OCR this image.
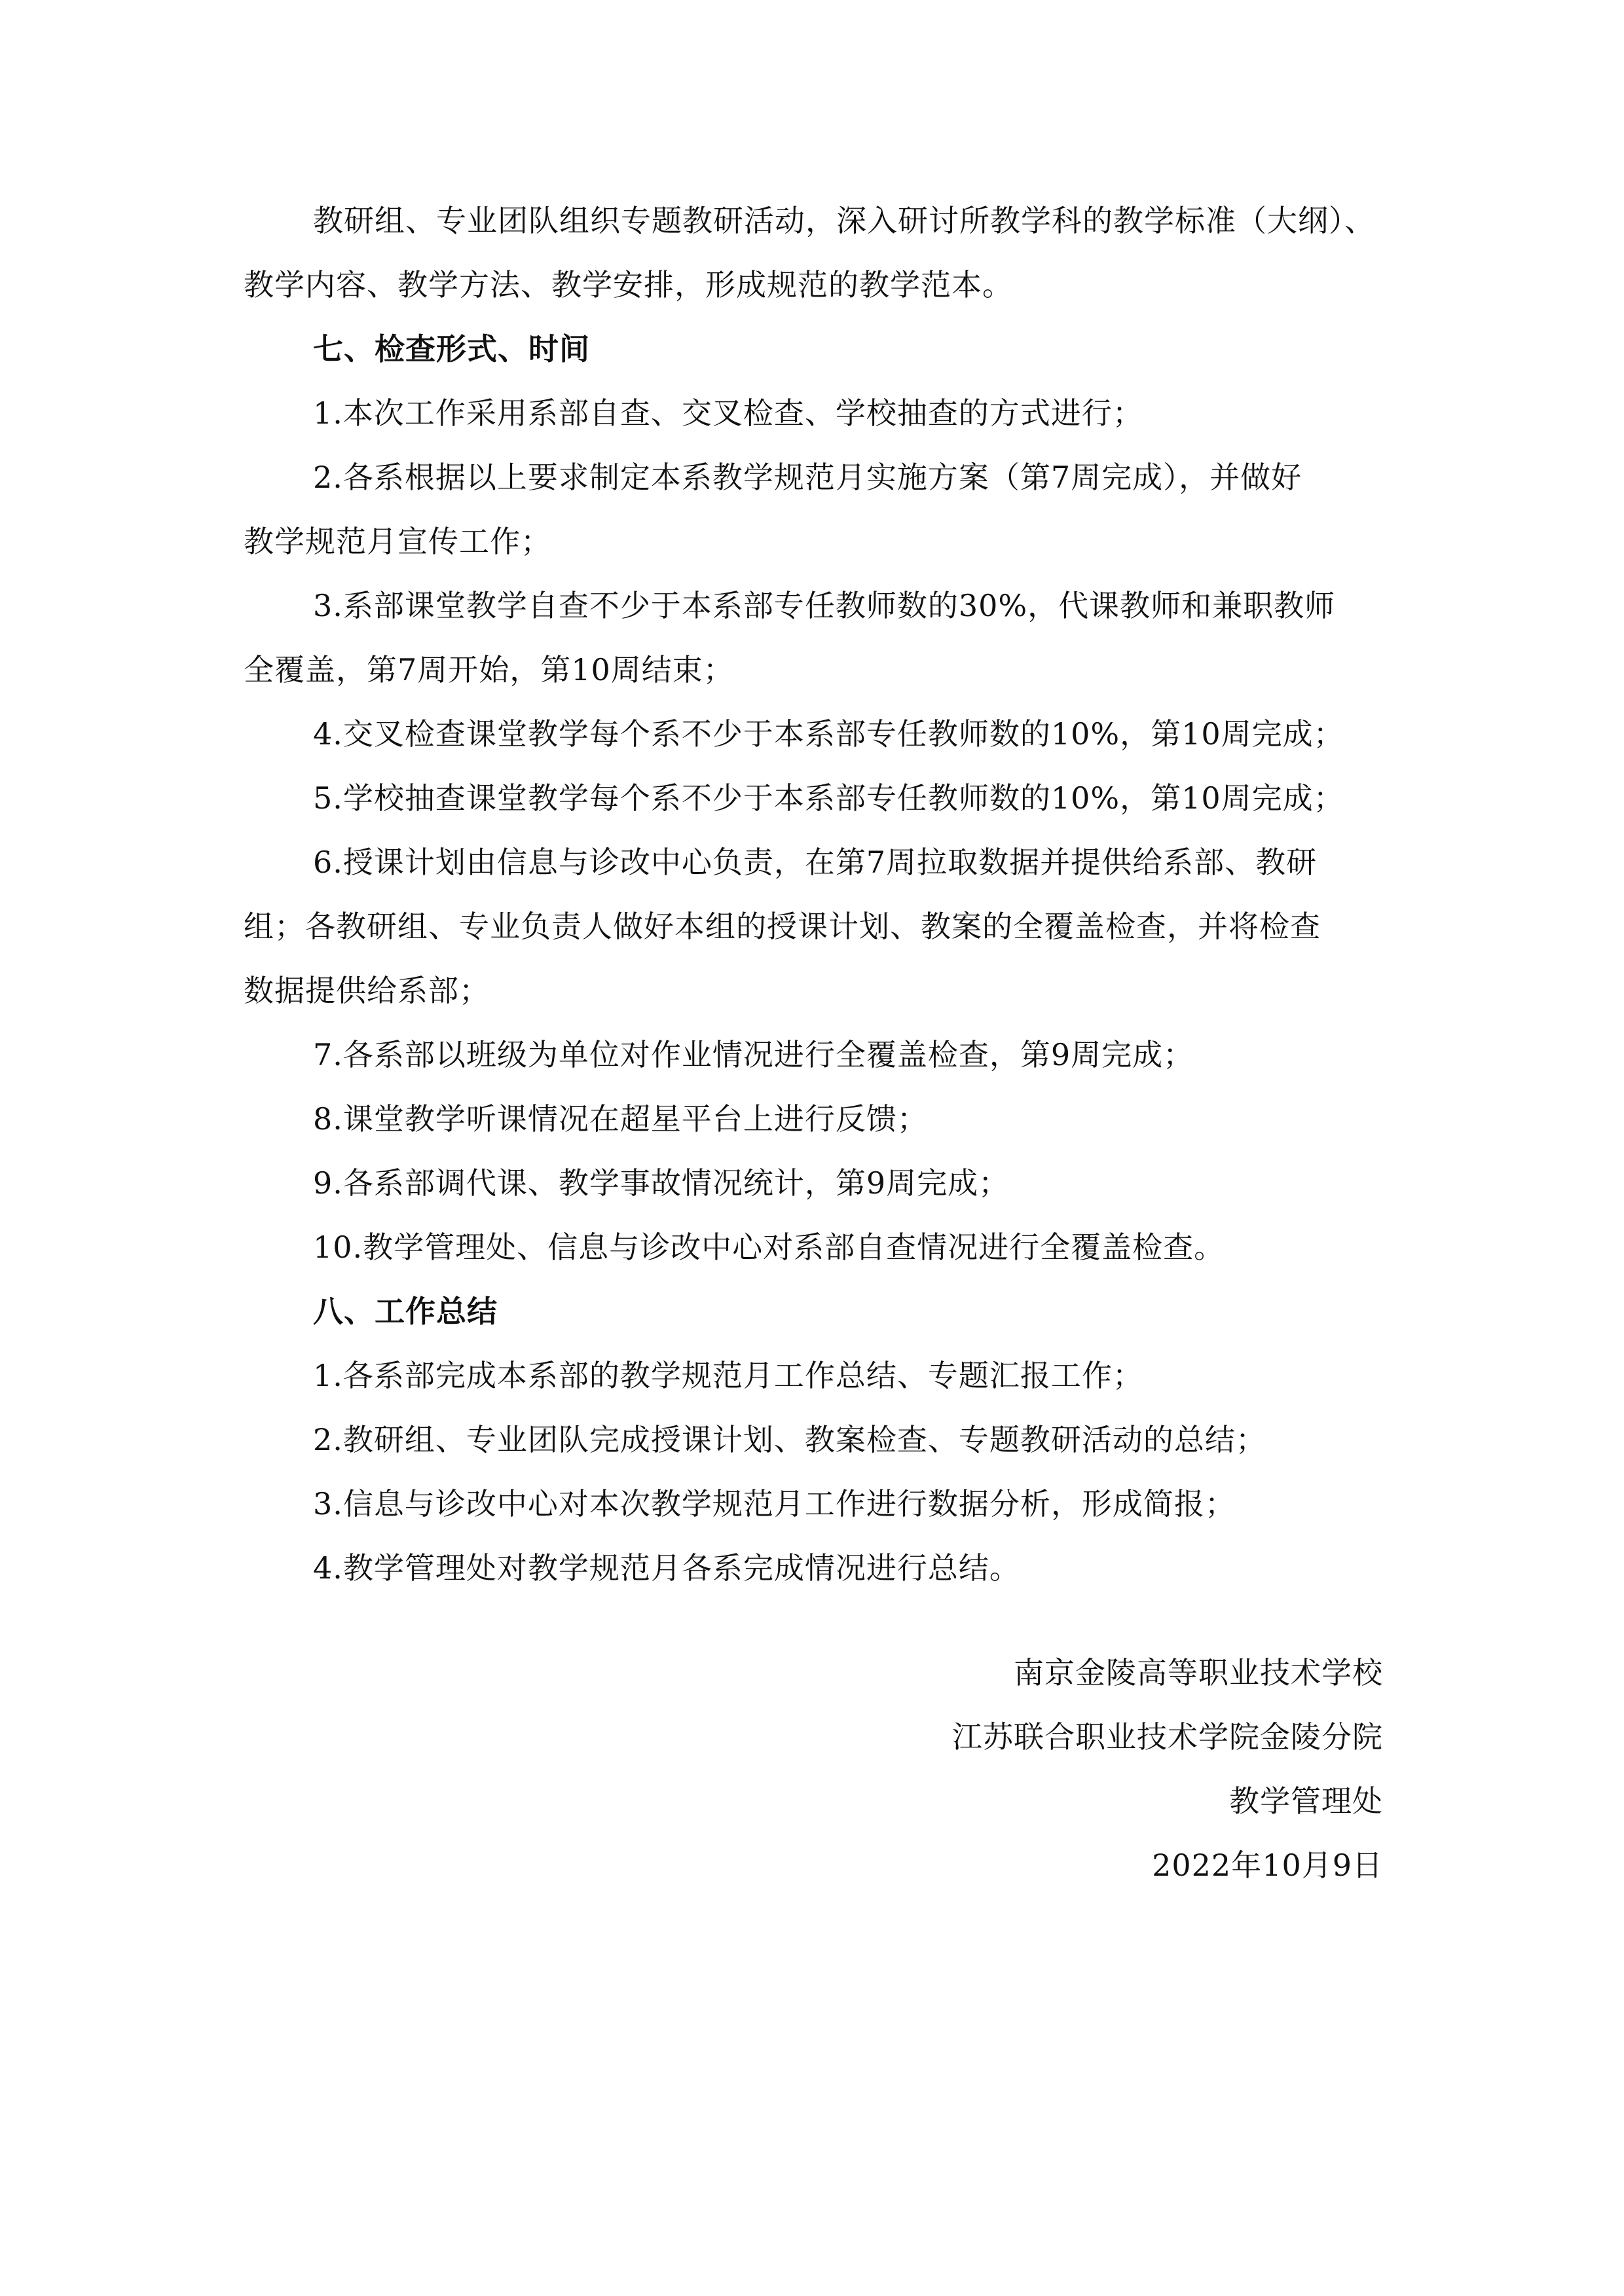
教研组、专业团队组织专题教研活动，深入研讨所教学科的教学标准（大纲）、
教学内容、教学方法、教学安排，形成规范的教学范本。
七、检查形式、时间
1.本次工作采用系部自查、交叉检查、学校抽查的方式进行；
2.各系根据以上要求制定本系教学规范月实施方案（第7周完成），并做好
教学规范月宣传工作；
3.系部课堂教学自查不少于本系部专任教师数的30%，代课教师和兼职教师
全覆盖，第7周开始，第10周结束；
4.交叉检查课堂教学每个系不少于本系部专任教师数的10%，第10周完成；
5.学校抽查课堂教学每个系不少于本系部专任教师数的10%，第10周完成；
6.授课计划由信息与诊改中心负责，在第7周拉取数据并提供给系部、教研
组；各教研组、专业负责人做好本组的授课计划、教案的全覆盖检查，并将检查
数据提供给系部；
7.各系部以班级为单位对作业情况进行全覆盖检查，第9周完成；
8.课堂教学听课情况在超星平台上进行反馈；
9.各系部调代课、教学事故情况统计，第9周完成；
10.教学管理处、信息与诊改中心对系部自查情况进行全覆盖检查。
八、工作总结
1.各系部完成本系部的教学规范月工作总结、专题汇报工作；
2.教研组、专业团队完成授课计划、教案检查、专题教研活动的总结；
3.信息与诊改中心对本次教学规范月工作进行数据分析，形成简报；
4.教学管理处对教学规范月各系完成情况进行总结。
南京金陵高等职业技术学校
江苏联合职业技术学院金陵分院
教学管理处
2022年10月9日
